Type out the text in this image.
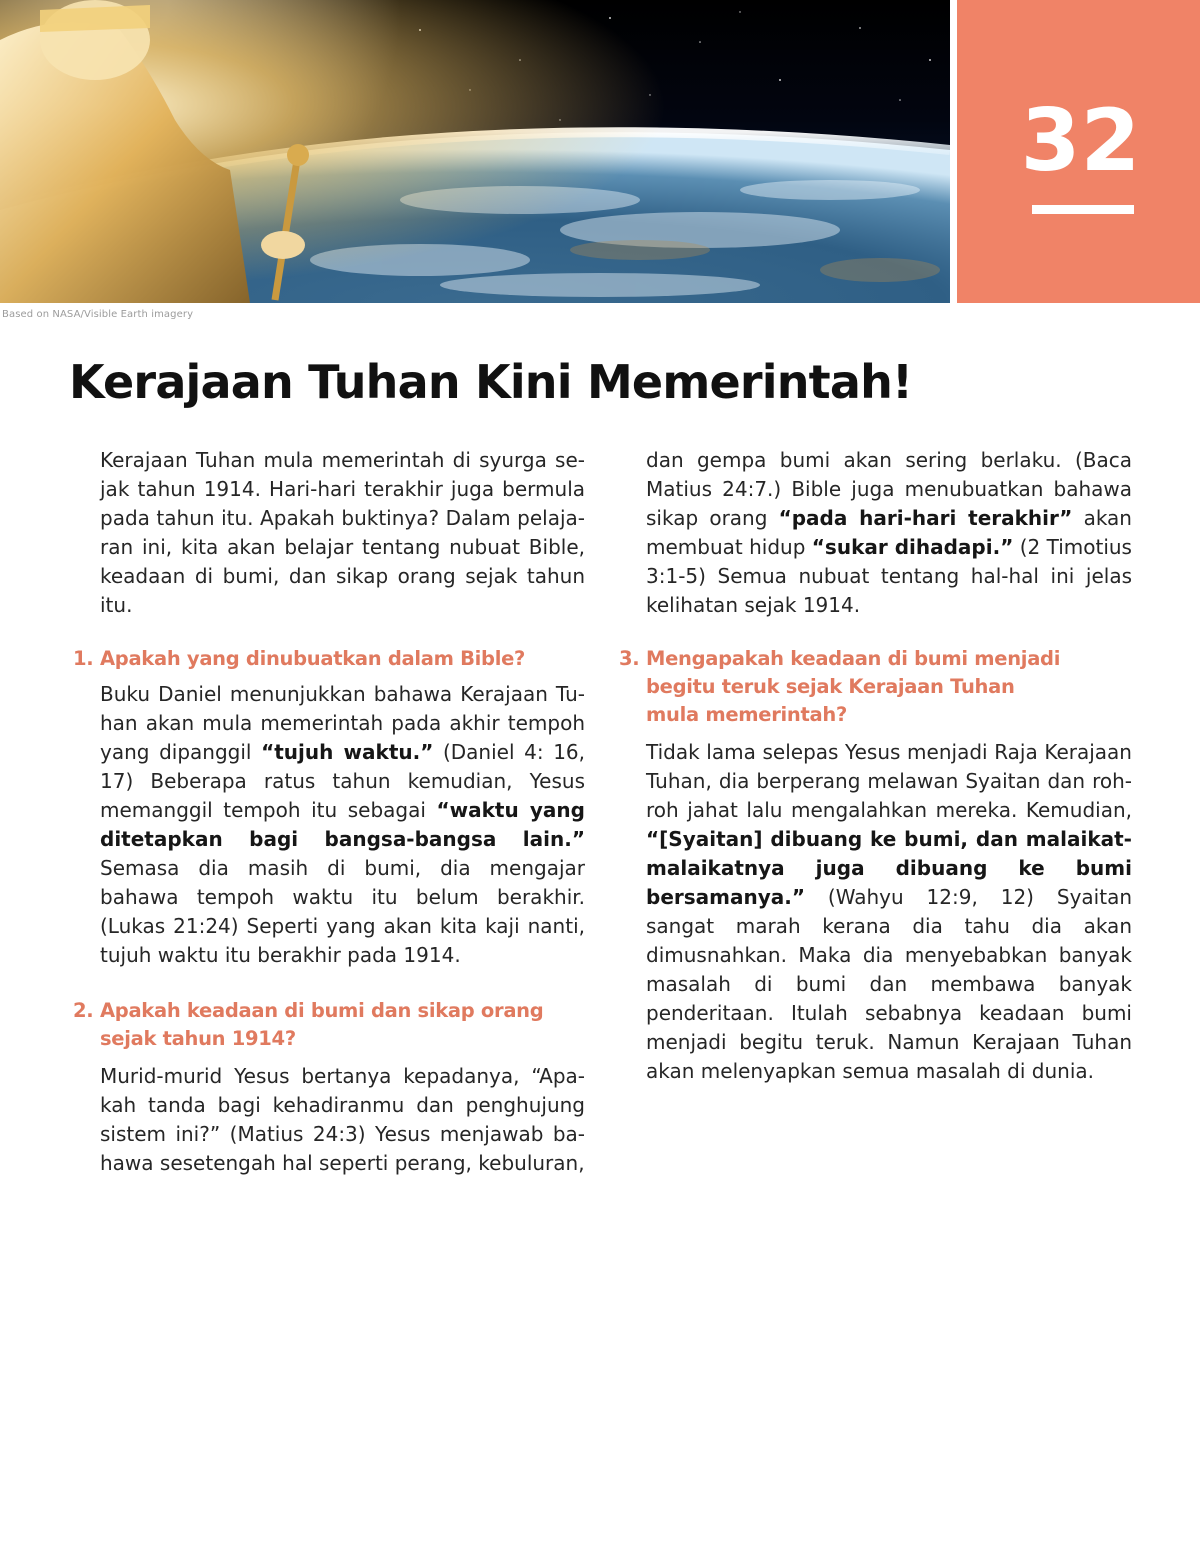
Based on NASA/Visible Earth imagery
32
Kerajaan Tuhan Kini Memerintah!

Kerajaan Tuhan mula memerintah di syurga sejak tahun 1914. Hari-hari terakhir juga bermula pada tahun itu. Apakah buktinya? Dalam pelajaran ini, kita akan belajar tentang nubuat Bible, keadaan di bumi, dan sikap orang sejak tahun itu.

1. Apakah yang dinubuatkan dalam Bible?

Buku Daniel menunjukkan bahawa Kerajaan Tuhan akan mula memerintah pada akhir tempoh yang dipanggil “tujuh waktu.” (Daniel 4: 16, 17) Beberapa ratus tahun kemudian, Yesus memanggil tempoh itu sebagai “waktu yang ditetapkan bagi bangsa-bangsa lain.” Semasa dia masih di bumi, dia mengajar bahawa tempoh waktu itu belum berakhir. (Lukas 21:24) Seperti yang akan kita kaji nanti, tujuh waktu itu berakhir pada 1914.

2. Apakah keadaan di bumi dan sikap orang sejak tahun 1914?

Murid-murid Yesus bertanya kepadanya, “Apakah tanda bagi kehadiranmu dan penghujung sistem ini?” (Matius 24:3) Yesus menjawab bahawa sesetengah hal seperti perang, kebuluran,

dan gempa bumi akan sering berlaku. (Baca Matius 24:7.) Bible juga menubuatkan bahawa sikap orang “pada hari-hari terakhir” akan membuat hidup “sukar dihadapi.” (2 Timotius 3:1-5) Semua nubuat tentang hal-hal ini jelas kelihatan sejak 1914.

3. Mengapakah keadaan di bumi menjadi begitu teruk sejak Kerajaan Tuhan mula memerintah?

Tidak lama selepas Yesus menjadi Raja Kerajaan Tuhan, dia berperang melawan Syaitan dan roh-roh jahat lalu mengalahkan mereka. Kemudian, “[Syaitan] dibuang ke bumi, dan malaikat-malaikatnya juga dibuang ke bumi bersamanya.” (Wahyu 12:9, 12) Syaitan sangat marah kerana dia tahu dia akan dimusnahkan. Maka dia menyebabkan banyak masalah di bumi dan membawa banyak penderitaan. Itulah sebabnya keadaan bumi menjadi begitu teruk. Namun Kerajaan Tuhan akan melenyapkan semua masalah di dunia.
